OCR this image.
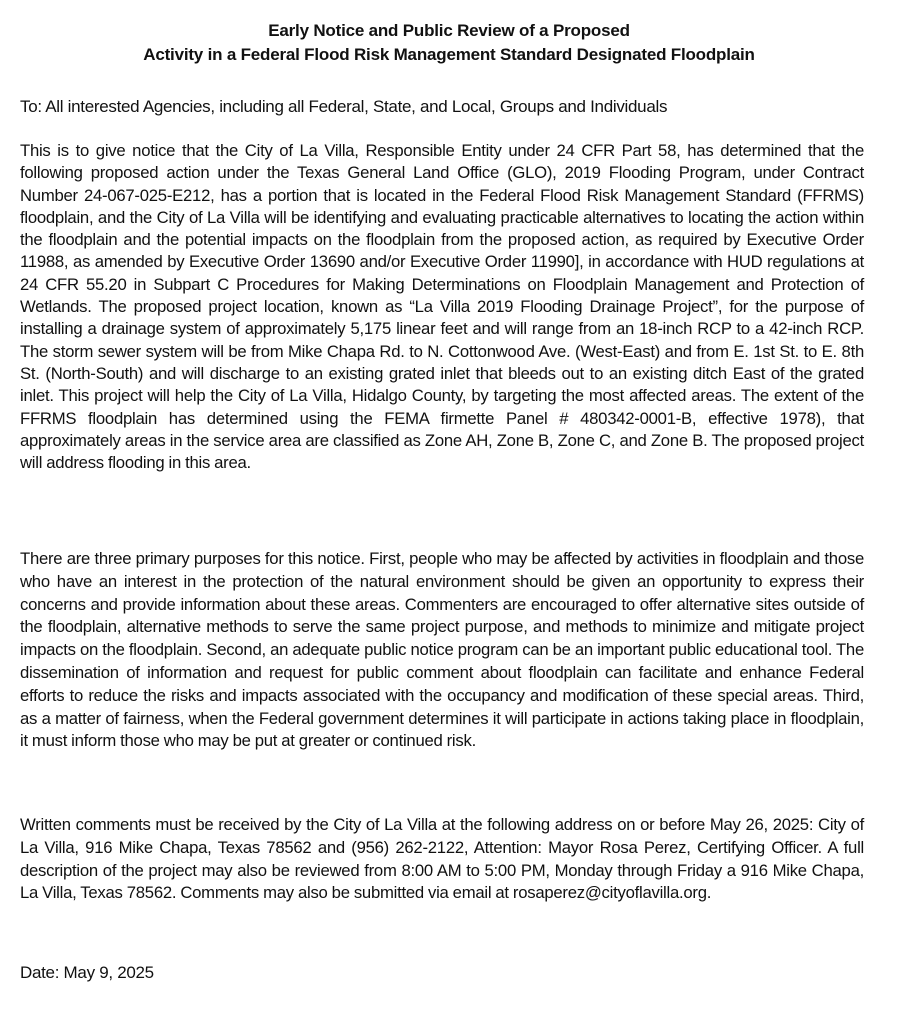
Early Notice and Public Review of a Proposed
Activity in a Federal Flood Risk Management Standard Designated Floodplain
To: All interested Agencies, including all Federal, State, and Local, Groups and Individuals

This is to give notice that the City of La Villa, Responsible Entity under 24 CFR Part 58, has determined that the following proposed action under the Texas General Land Office (GLO), 2019 Flooding Program, under Contract Number 24-067-025-E212, has a portion that is located in the Federal Flood Risk Management Standard (FFRMS) floodplain, and the City of La Villa will be identifying and evaluating practicable alternatives to locating the action within the floodplain and the potential impacts on the floodplain from the proposed action, as required by Executive Order 11988, as amended by Executive Order 13690 and/or Executive Order 11990], in accordance with HUD regulations at 24 CFR 55.20 in Subpart C Procedures for Making Determinations on Floodplain Management and Protection of Wetlands. The proposed project location, known as “La Villa 2019 Flooding Drainage Project”, for the purpose of installing a drainage system of approximately 5,175 linear feet and will range from an 18-inch RCP to a 42-inch RCP. The storm sewer system will be from Mike Chapa Rd. to N. Cottonwood Ave. (West-East) and from E. 1st St. to E. 8th St. (North-South) and will discharge to an existing grated inlet that bleeds out to an existing ditch East of the grated inlet. This project will help the City of La Villa, Hidalgo County, by targeting the most affected areas. The extent of the FFRMS floodplain has determined using the FEMA firmette Panel # 480342-0001-B, effective 1978), that approximately areas in the service area are classified as Zone AH, Zone B, Zone C, and Zone B. The proposed project will address flooding in this area.

There are three primary purposes for this notice. First, people who may be affected by activities in floodplain and those who have an interest in the protection of the natural environment should be given an opportunity to express their concerns and provide information about these areas. Commenters are encouraged to offer alternative sites outside of the floodplain, alternative methods to serve the same project purpose, and methods to minimize and mitigate project impacts on the floodplain. Second, an adequate public notice program can be an important public educational tool. The dissemination of information and request for public comment about floodplain can facilitate and enhance Federal efforts to reduce the risks and impacts associated with the occupancy and modification of these special areas. Third, as a matter of fairness, when the Federal government determines it will participate in actions taking place in floodplain, it must inform those who may be put at greater or continued risk.

Written comments must be received by the City of La Villa at the following address on or before May 26, 2025: City of La Villa, 916 Mike Chapa, Texas 78562 and (956) 262-2122, Attention: Mayor Rosa Perez, Certifying Officer. A full description of the project may also be reviewed from 8:00 AM to 5:00 PM, Monday through Friday a 916 Mike Chapa, La Villa, Texas 78562. Comments may also be submitted via email at rosaperez@cityoflavilla.org.

Date: May 9, 2025
